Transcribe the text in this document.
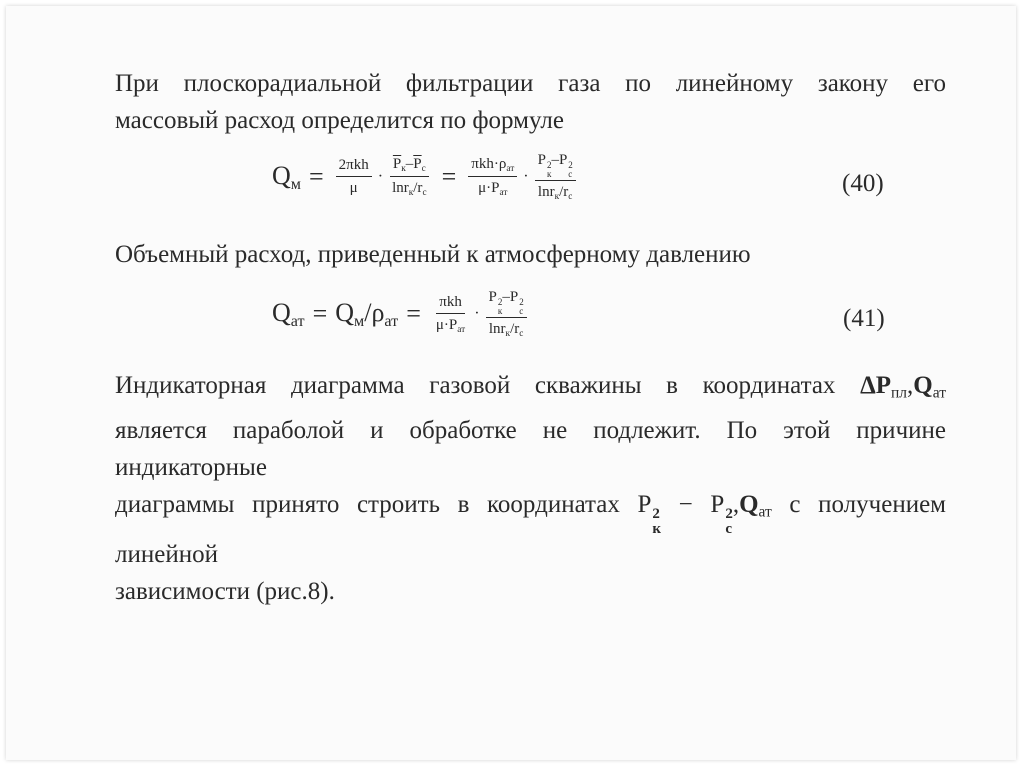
При плоскорадиальной фильтрации газа по линейному закону его
массовый расход определится по формуле
$Q_м = \frac{\text{2πkh}}{\mu} \cdot \frac{\overline{P}_к-\overline{P}_с}{\ln r_к/r_с} = \frac{\pi kh\cdot\rho_{ат}}{\mu\cdot P_{ат}} \cdot P$ 2
к
–P 2
с
$\ln r_к/r_с$	(40)

Объемный расход, приведенный к атмосферному давлению

$Q_{ат} = Q_м/\rho_{ат} = \frac{\text{πkh}}{\mu\cdot P_{ат}} \cdot P$ 2
к
–P 2
с
$\ln r_к/r_с$	(41)
Индикаторная диаграмма газовой скважины в координатах $\Delta P_{пл},Q_{ат}$
является параболой и обработке не подлежит. По этой причине индикаторные
диаграммы принято строить в координатах P 2
к
− P 2
с
$,Q_{ат}$ с получением линейной
зависимости (рис.8).
